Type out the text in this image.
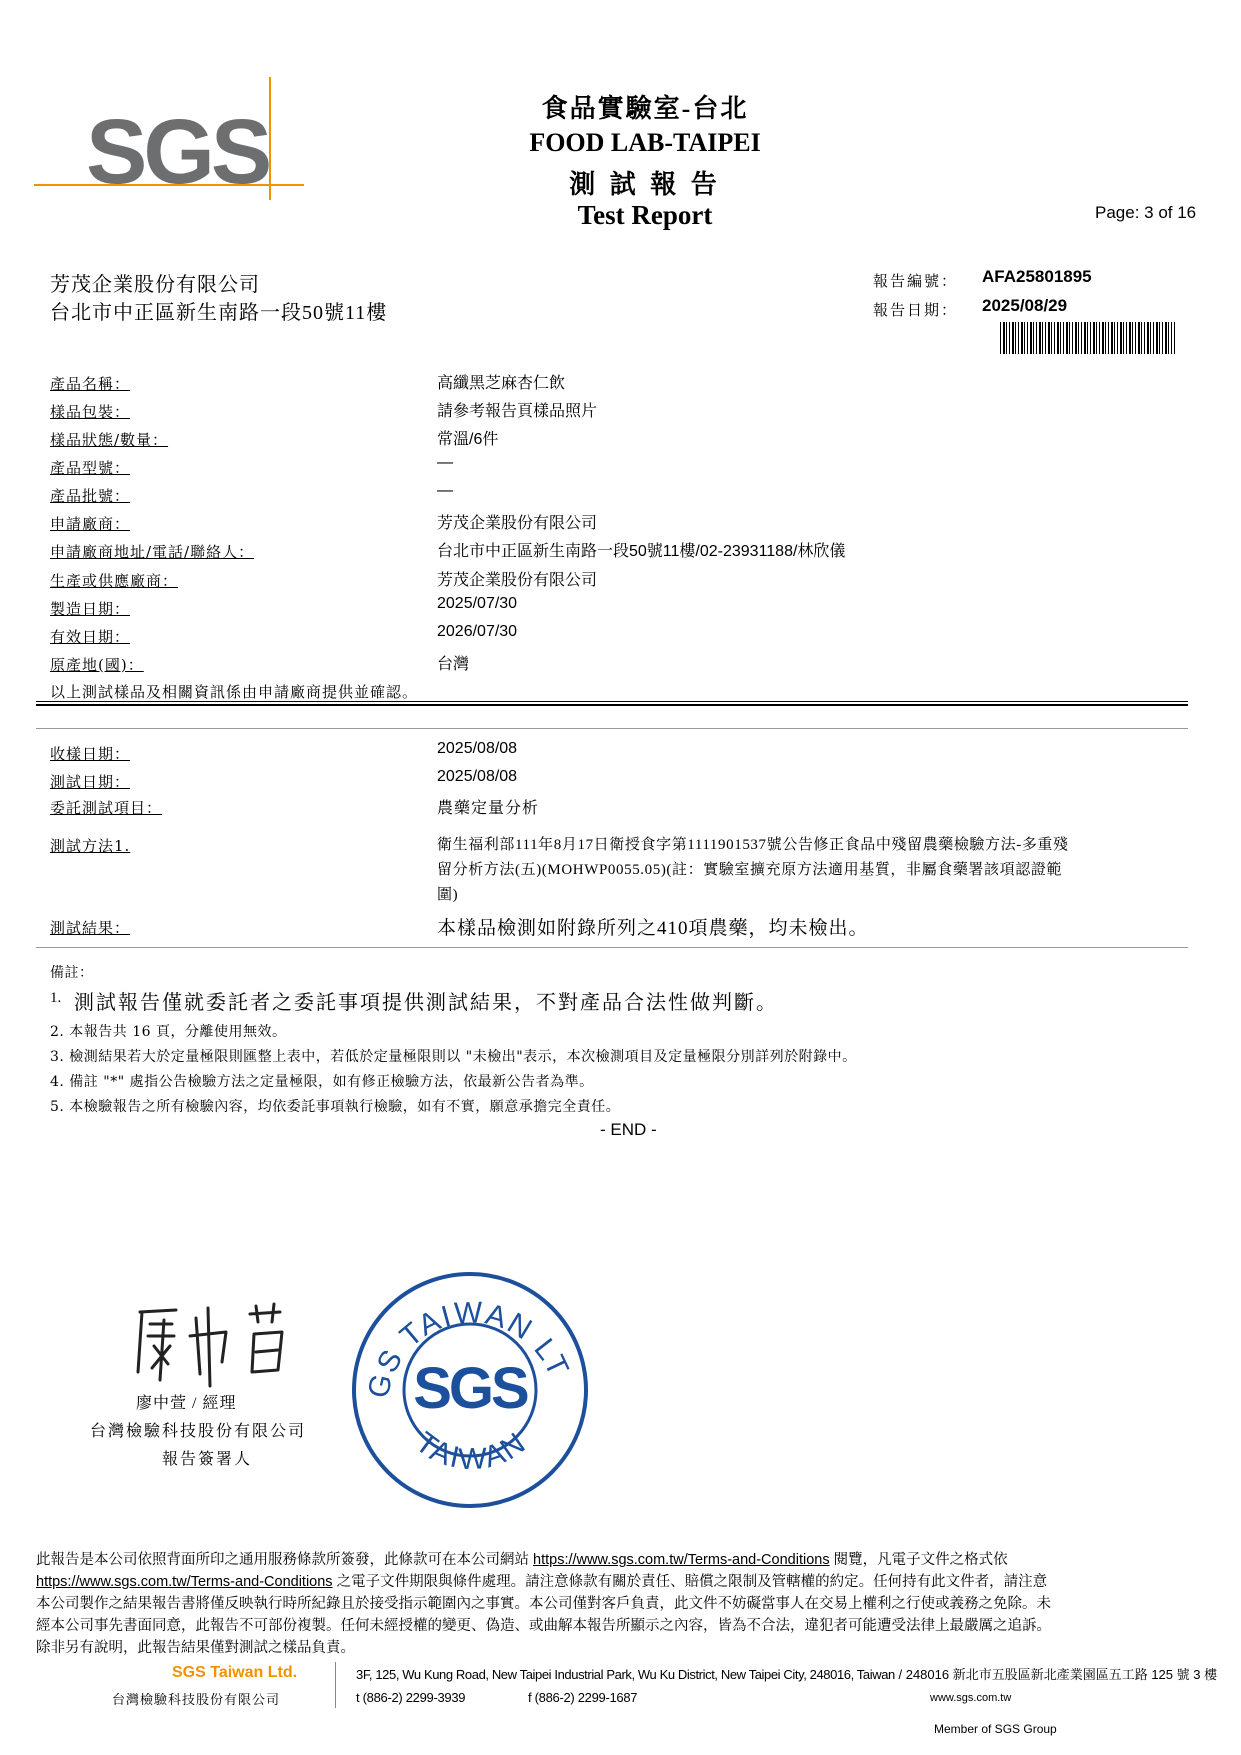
SGS	食品實驗室-台北
FOOD LAB-TAIPEI
測 試 報 告
Test Report	Page: 3 of 16
芳茂企業股份有限公司
台北市中正區新生南路一段50號11樓
報告編號： AFA25801895
報告日期： 2025/08/29
產品名稱：	高纖黑芝麻杏仁飲
樣品包裝：	請參考報告頁樣品照片
樣品狀態/數量：	常溫/6件
產品型號：	—
產品批號：	—
申請廠商：	芳茂企業股份有限公司
申請廠商地址/電話/聯絡人：	台北市中正區新生南路一段50號11樓/02-23931188/林欣儀
生產或供應廠商：	芳茂企業股份有限公司
製造日期：	2025/07/30
有效日期：	2026/07/30
原產地(國)：	台灣
以上測試樣品及相關資訊係由申請廠商提供並確認。
收樣日期：	2025/08/08
測試日期：	2025/08/08
委託測試項目：	農藥定量分析
測試方法1.	衛生福利部111年8月17日衛授食字第1111901537號公告修正食品中殘留農藥檢驗方法-多重殘
留分析方法(五)(MOHWP0055.05)(註：實驗室擴充原方法適用基質，非屬食藥署該項認證範
圍)
測試結果：	本樣品檢測如附錄所列之410項農藥，均未檢出。
備註：
1. 測試報告僅就委託者之委託事項提供測試結果，不對產品合法性做判斷。
2. 本報告共 16 頁，分離使用無效。
3. 檢測結果若大於定量極限則匯整上表中，若低於定量極限則以 "未檢出"表示，本次檢測項目及定量極限分別詳列於附錄中。
4. 備註 "*" 處指公告檢驗方法之定量極限，如有修正檢驗方法，依最新公告者為準。
5. 本檢驗報告之所有檢驗內容，均依委託事項執行檢驗，如有不實，願意承擔完全責任。
- END -
廖中萱 / 經理
台灣檢驗科技股份有限公司
報告簽署人
GS TAIWAN LT
TAIWAN
SGS
此報告是本公司依照背面所印之通用服務條款所簽發，此條款可在本公司網站 https://www.sgs.com.tw/Terms-and-Conditions 閱覽，凡電子文件之格式依
https://www.sgs.com.tw/Terms-and-Conditions 之電子文件期限與條件處理。請注意條款有關於責任、賠償之限制及管轄權的約定。任何持有此文件者，請注意
本公司製作之結果報告書將僅反映執行時所紀錄且於接受指示範圍內之事實。本公司僅對客戶負責，此文件不妨礙當事人在交易上權利之行使或義務之免除。未
經本公司事先書面同意，此報告不可部份複製。任何未經授權的變更、偽造、或曲解本報告所顯示之內容，皆為不合法，違犯者可能遭受法律上最嚴厲之追訴。
除非另有說明，此報告結果僅對測試之樣品負責。
SGS Taiwan Ltd.
台灣檢驗科技股份有限公司
3F, 125, Wu Kung Road, New Taipei Industrial Park, Wu Ku District, New Taipei City, 248016, Taiwan / 248016 新北市五股區新北產業園區五工路 125 號 3 樓
t (886-2) 2299-3939	f (886-2) 2299-1687	www.sgs.com.tw
Member of SGS Group
